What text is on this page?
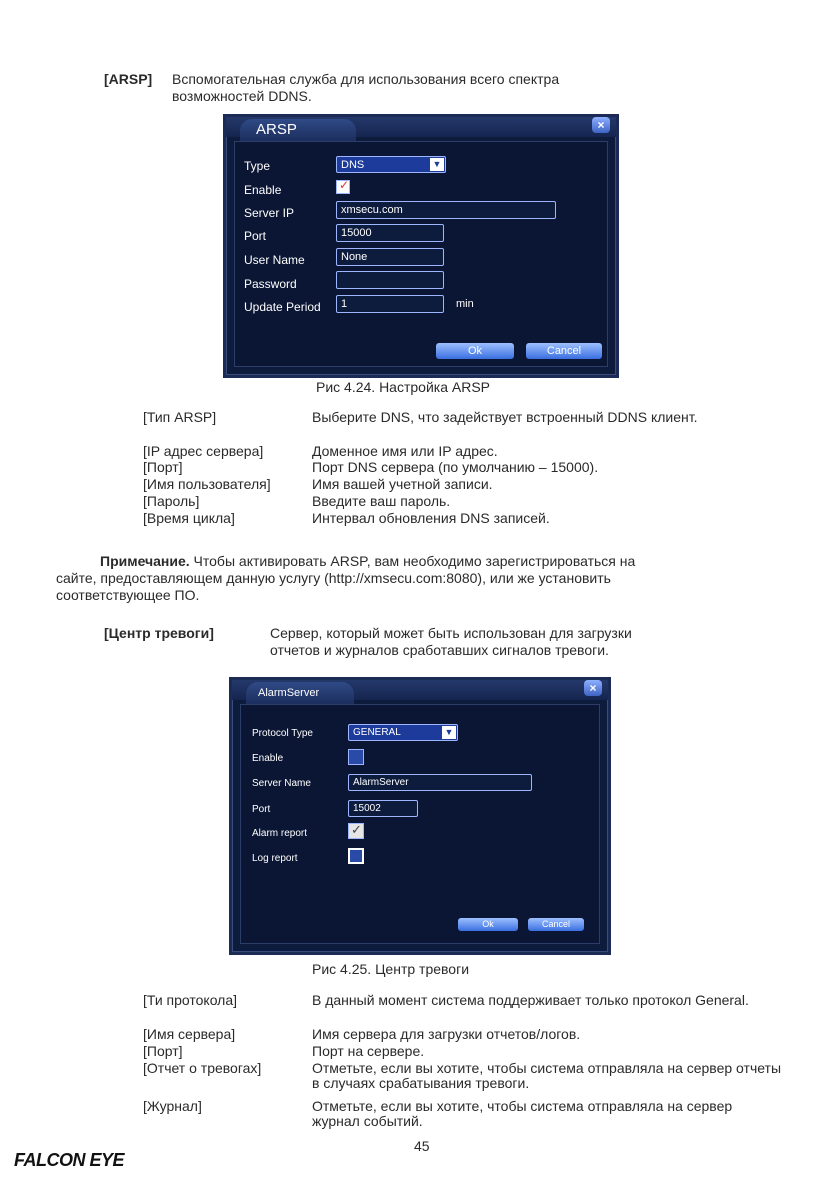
[ARSP] Вспомогательная служба для использования всего спектра
возможностей DDNS.
ARSP	×
Type	DNS	▼
Enable	✓
Server IP	xmsecu.com
Port	15000
User Name	None
Password
Update Period	1	min
Ok	Cancel
Рис 4.24. Настройка ARSP
[Тип ARSP]	Выберите DNS, что задействует встроенный DDNS клиент.
[IP адрес сервера]	Доменное имя или IP адрес.
[Порт]	Порт DNS сервера (по умолчанию – 15000).
[Имя пользователя]	Имя вашей учетной записи.
[Пароль]	Введите ваш пароль.
[Время цикла]	Интервал обновления DNS записей.
Примечание. Чтобы активировать ARSP, вам необходимо зарегистрироваться на
сайте, предоставляющем данную услугу (http://xmsecu.com:8080), или же установить
соответствующее ПО.
[Центр тревоги]	Сервер, который может быть использован для загрузки
отчетов и журналов сработавших сигналов тревоги.
AlarmServer	×
Protocol Type	GENERAL	▼
Enable
Server Name	AlarmServer
Port	15002
Alarm report	✓
Log report
Ok	Cancel
Рис 4.25. Центр тревоги
[Ти протокола]	В данный момент система поддерживает только протокол General.
[Имя сервера]	Имя сервера для загрузки отчетов/логов.
[Порт]	Порт на сервере.
[Отчет о тревогах]	Отметьте, если вы хотите, чтобы система отправляла на сервер отчеты в случаях срабатывания тревоги.
[Журнал]	Отметьте, если вы хотите, чтобы система отправляла на сервер журнал событий.
45
FALCON EYE
